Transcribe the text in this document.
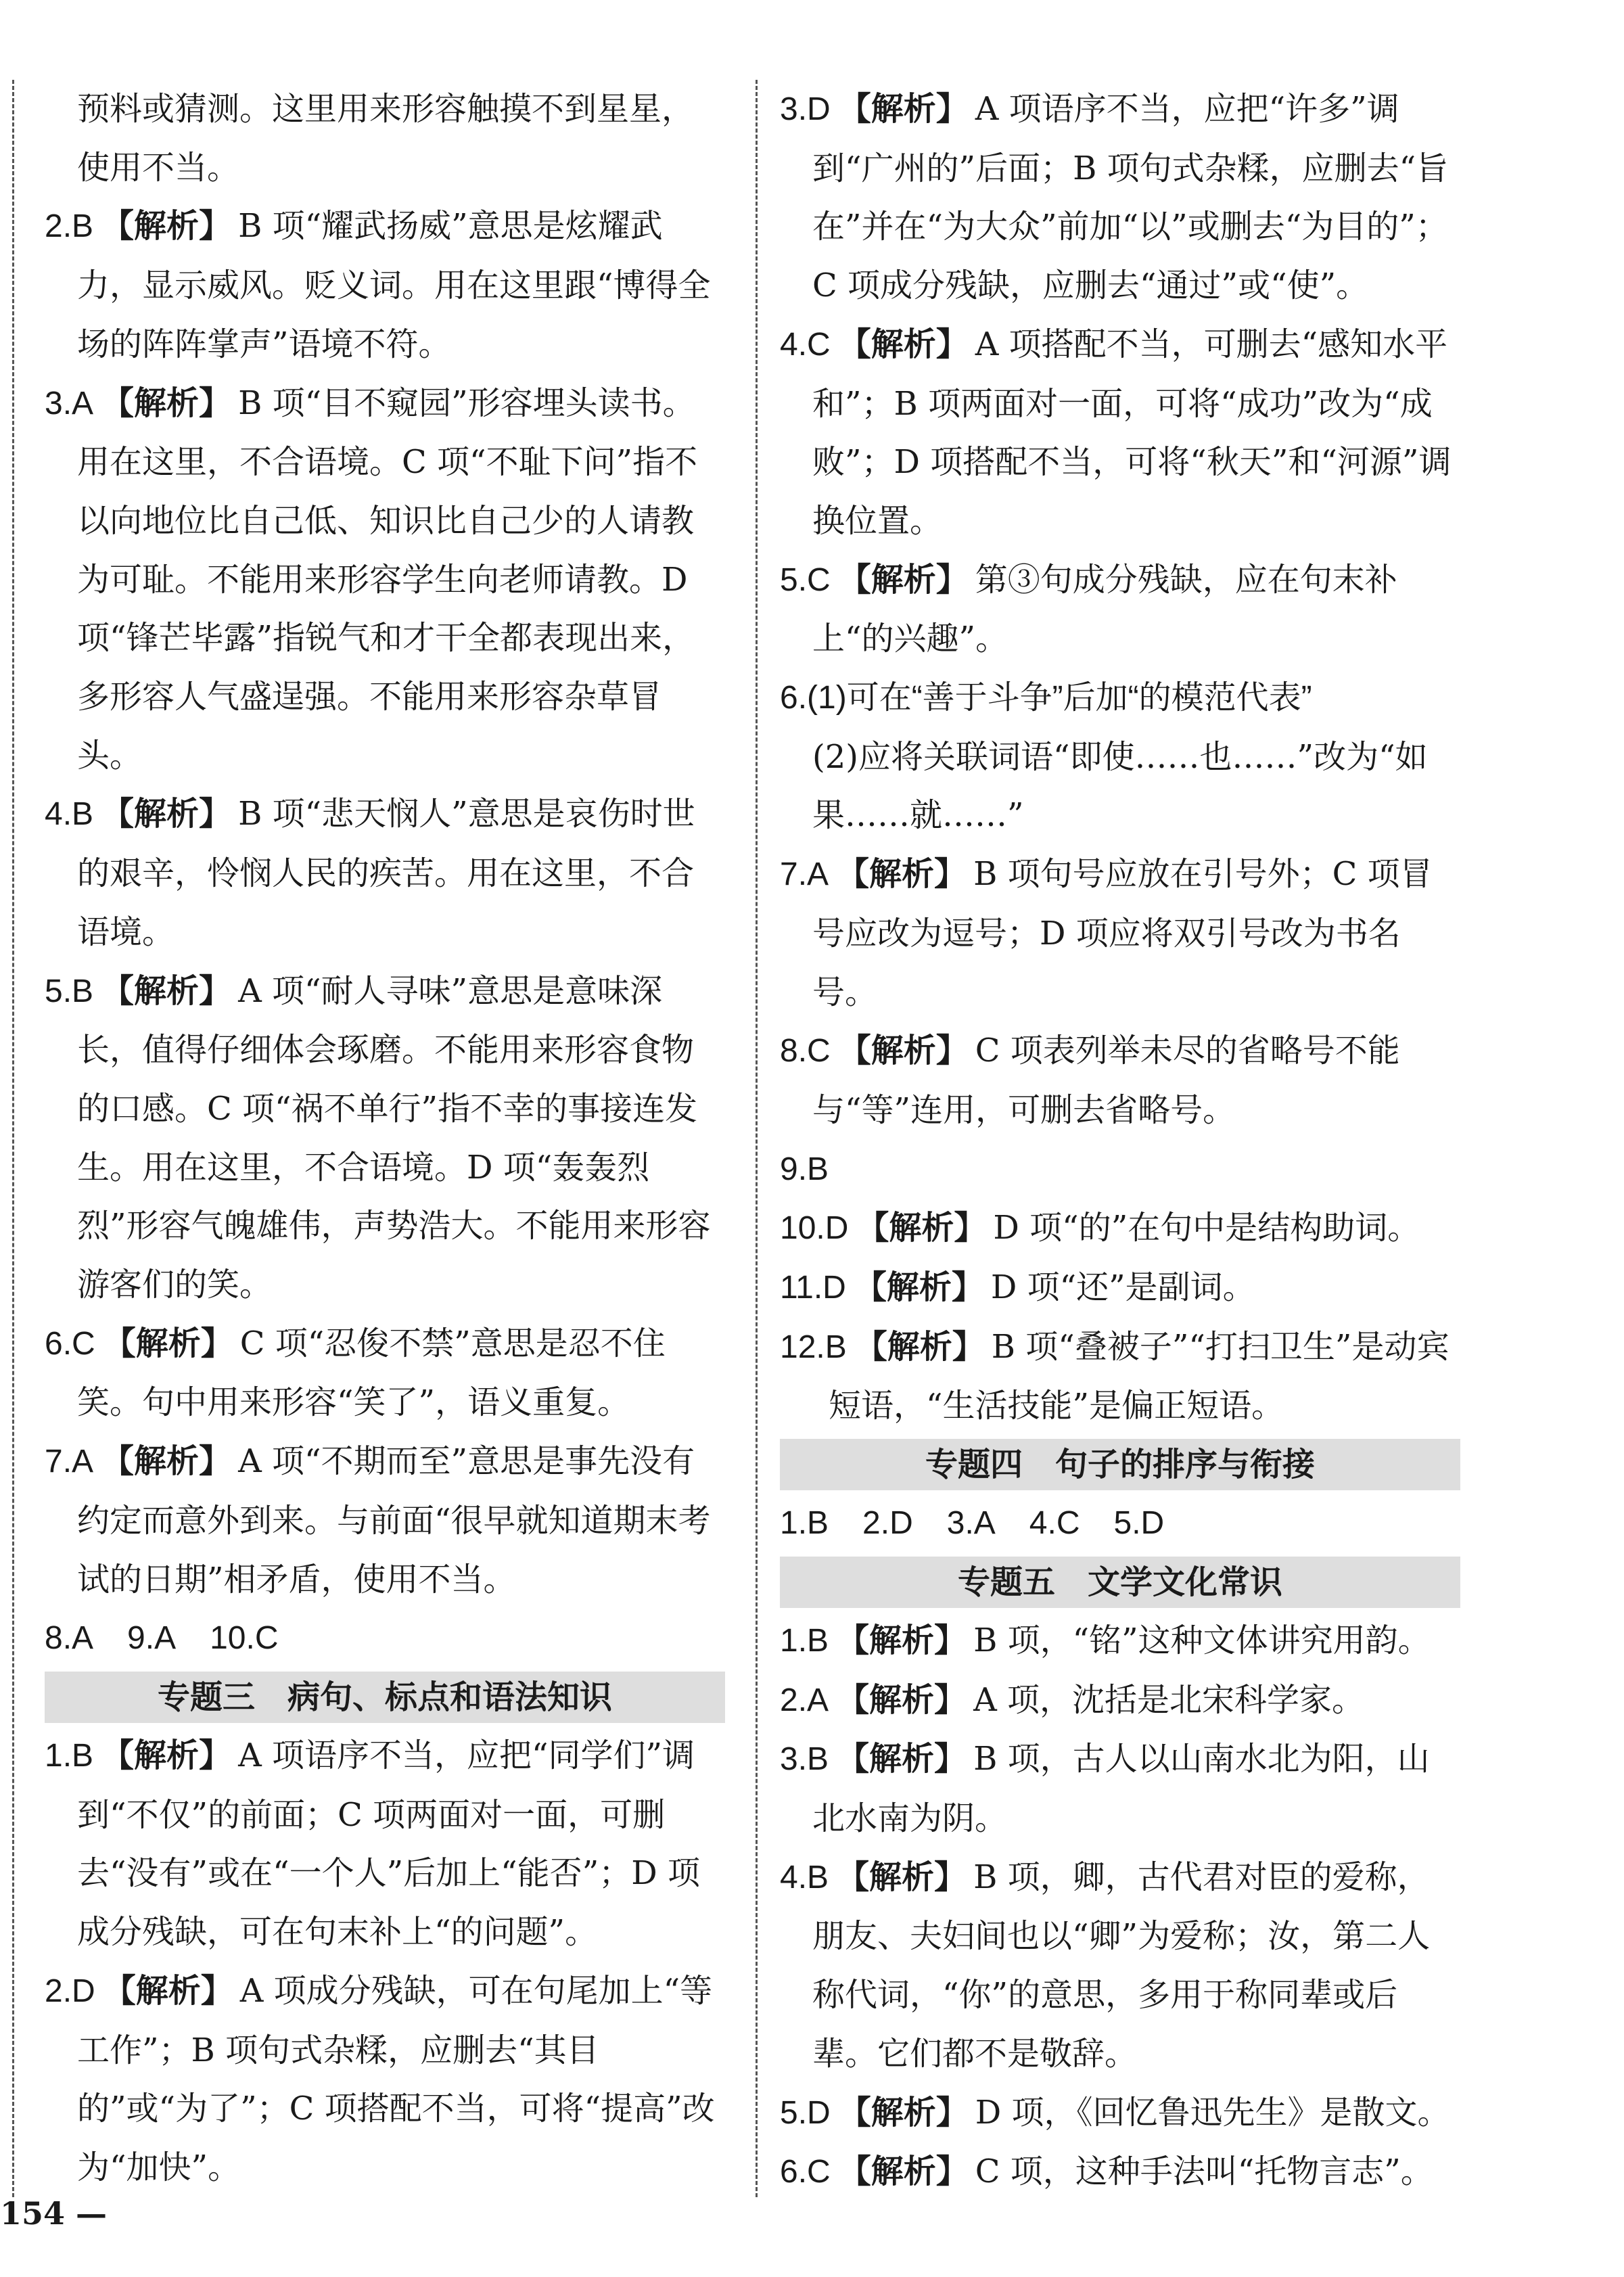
预料或猜测。这里用来形容触摸不到星星，使用不当。
2.B 【解析】 B 项“耀武扬威”意思是炫耀武力，显示威风。贬义词。用在这里跟“博得全场的阵阵掌声”语境不符。
3.A 【解析】 B 项“目不窥园”形容埋头读书。用在这里，不合语境。C 项“不耻下问”指不以向地位比自己低、知识比自己少的人请教为可耻。不能用来形容学生向老师请教。D 项“锋芒毕露”指锐气和才干全都表现出来，多形容人气盛逞强。不能用来形容杂草冒头。
4.B 【解析】 B 项“悲天悯人”意思是哀伤时世的艰辛，怜悯人民的疾苦。用在这里，不合语境。
5.B 【解析】 A 项“耐人寻味”意思是意味深长，值得仔细体会琢磨。不能用来形容食物的口感。C 项“祸不单行”指不幸的事接连发生。用在这里，不合语境。D 项“轰轰烈烈”形容气魄雄伟，声势浩大。不能用来形容游客们的笑。
6.C 【解析】 C 项“忍俊不禁”意思是忍不住笑。句中用来形容“笑了”，语义重复。
7.A 【解析】 A 项“不期而至”意思是事先没有约定而意外到来。与前面“很早就知道期末考试的日期”相矛盾，使用不当。
8.A 9.A 10.C
专题三　病句、标点和语法知识
1.B 【解析】 A 项语序不当，应把“同学们”调到“不仅”的前面；C 项两面对一面，可删去“没有”或在“一个人”后加上“能否”；D 项成分残缺，可在句末补上“的问题”。
2.D 【解析】 A 项成分残缺，可在句尾加上“等工作”；B 项句式杂糅，应删去“其目的”或“为了”；C 项搭配不当，可将“提高”改为“加快”。
3.D 【解析】 A 项语序不当，应把“许多”调到“广州的”后面；B 项句式杂糅，应删去“旨在”并在“为大众”前加“以”或删去“为目的”；C 项成分残缺，应删去“通过”或“使”。
4.C 【解析】 A 项搭配不当，可删去“感知水平和”；B 项两面对一面，可将“成功”改为“成败”；D 项搭配不当，可将“秋天”和“河源”调换位置。
5.C 【解析】 第③句成分残缺，应在句末补上“的兴趣”。
6.(1)可在“善于斗争”后加“的模范代表”
(2)应将关联词语“即使……也……”改为“如果……就……”
7.A 【解析】 B 项句号应放在引号外；C 项冒号应改为逗号；D 项应将双引号改为书名号。
8.C 【解析】 C 项表列举未尽的省略号不能与“等”连用，可删去省略号。
9.B
10.D 【解析】 D 项“的”在句中是结构助词。
11.D 【解析】 D 项“还”是副词。
12.B 【解析】 B 项“叠被子”“打扫卫生”是动宾短语，“生活技能”是偏正短语。
专题四　句子的排序与衔接
1.B 2.D 3.A 4.C 5.D
专题五　文学文化常识
1.B 【解析】 B 项，“铭”这种文体讲究用韵。
2.A 【解析】 A 项，沈括是北宋科学家。
3.B 【解析】 B 项，古人以山南水北为阳，山北水南为阴。
4.B 【解析】 B 项，卿，古代君对臣的爱称，朋友、夫妇间也以“卿”为爱称；汝，第二人称代词，“你”的意思，多用于称同辈或后辈。它们都不是敬辞。
5.D 【解析】 D 项，《回忆鲁迅先生》是散文。
6.C 【解析】 C 项，这种手法叫“托物言志”。
154 —
